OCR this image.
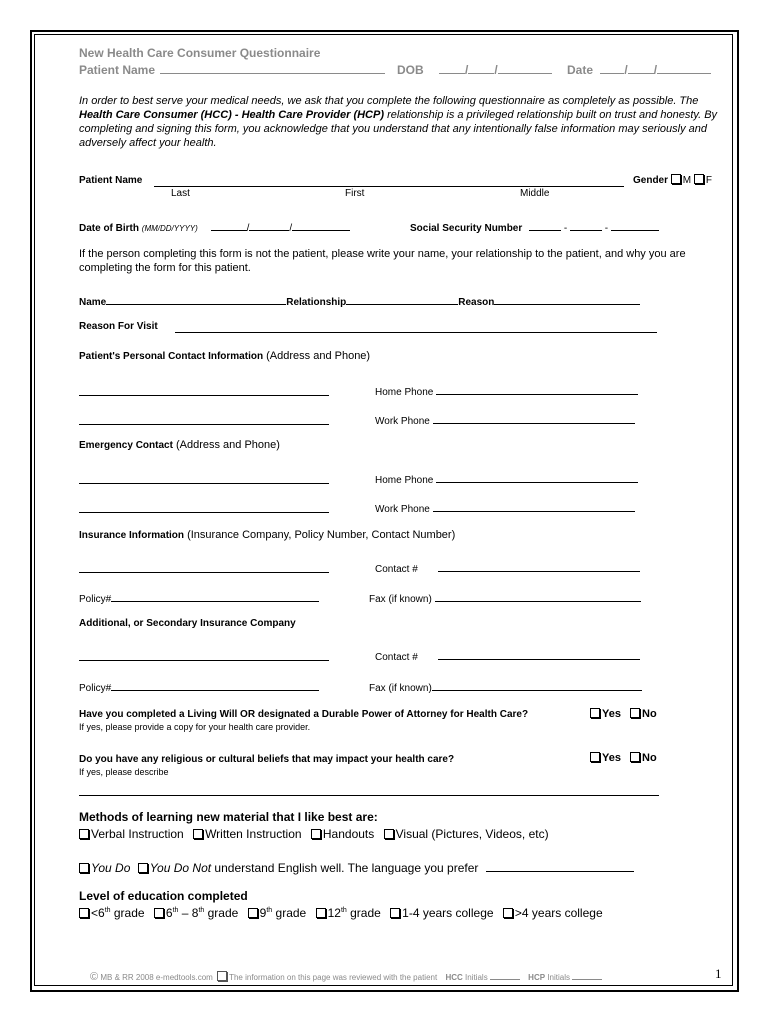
New Health Care Consumer Questionnaire
Patient Name	DOB	/ /	Date	/ /
In order to best serve your medical needs, we ask that you complete the following questionnaire as completely as possible. The Health Care Consumer (HCC) - Health Care Provider (HCP) relationship is a privileged relationship built on trust and honesty. By completing and signing this form, you acknowledge that you understand that any intentionally false information may seriously and adversely affect your health.
Patient Name
Last	First	Middle
Gender M F
Date of Birth (MM/DD/YYYY)	/	/	Social Security Number	-	-
If the person completing this form is not the patient, please write your name, your relationship to the patient, and why you are completing the form for this patient.
Name	Relationship	Reason
Reason For Visit
Patient's Personal Contact Information (Address and Phone)
Home Phone
Work Phone
Emergency Contact (Address and Phone)
Home Phone
Work Phone
Insurance Information (Insurance Company, Policy Number, Contact Number)
Contact #
Policy#	Fax (if known)
Additional, or Secondary Insurance Company
Contact #
Policy#	Fax (if known)
Have you completed a Living Will OR designated a Durable Power of Attorney for Health Care?	Yes No
If yes, please provide a copy for your health care provider.
Do you have any religious or cultural beliefs that may impact your health care?	Yes No
If yes, please describe
Methods of learning new material that I like best are:
Verbal Instruction Written Instruction Handouts Visual (Pictures, Videos, etc)
You Do You Do Not understand English well. The language you prefer
Level of education completed
<6th grade 6th – 8th grade 9th grade 12th grade 1-4 years college >4 years college
© MB & RR 2008 e-medtools.com The information on this page was reviewed with the patient HCC Initials	HCP Initials	1
